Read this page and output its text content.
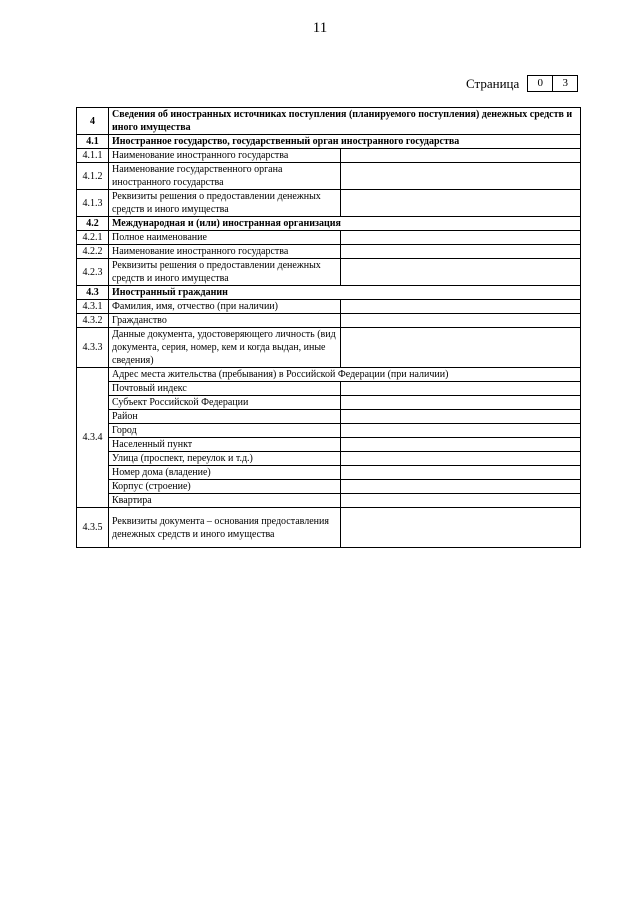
11
Страница	0	3
4	Сведения об иностранных источниках поступления (планируемого поступления) денежных средств и иного имущества	
4.1	Иностранное государство, государственный орган иностранного государства	
4.1.1	Наименование иностранного государства	
4.1.2	Наименование государственного органа иностранного государства	
4.1.3	Реквизиты решения о предоставлении денежных средств и иного имущества	
4.2	Международная и (или) иностранная организация	
4.2.1	Полное наименование	
4.2.2	Наименование иностранного государства	
4.2.3	Реквизиты решения о предоставлении денежных средств и иного имущества	
4.3	Иностранный гражданин	
4.3.1	Фамилия, имя, отчество (при наличии)	
4.3.2	Гражданство	
4.3.3	Данные документа, удостоверяющего личность (вид документа, серия, номер, кем и когда выдан, иные сведения)	
4.3.4	Адрес места жительства (пребывания) в Российской Федерации (при наличии)	
	Почтовый индекс	
	Субъект Российской Федерации	
	Район	
	Город	
	Населенный пункт	
	Улица (проспект, переулок и т.д.)	
	Номер дома (владение)	
	Корпус (строение)	
	Квартира	
4.3.5	Реквизиты документа – основания предоставления денежных средств и иного имущества	
